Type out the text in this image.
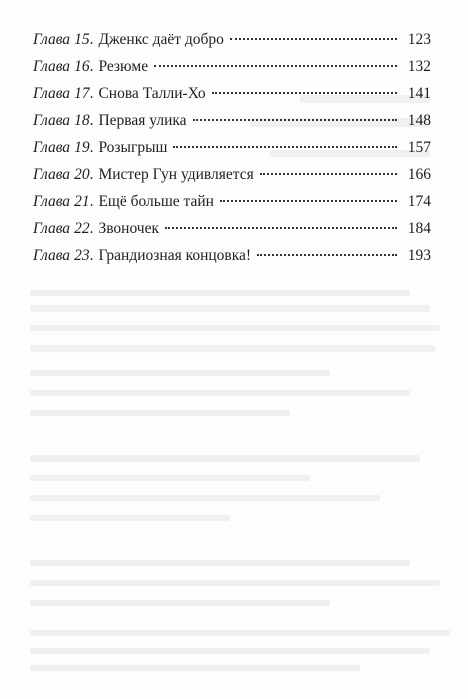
Глава 15 . Дженкс даёт добро	123
Глава 16 . Резюме	132
Глава 17 . Снова Талли-Хо	141
Глава 18 . Первая улика	148
Глава 19 . Розыгрыш	157
Глава 20 . Мистер Гун удивляется	166
Глава 21 . Ещё больше тайн	174
Глава 22 . Звоночек	184
Глава 23 . Грандиозная концовка!	193
